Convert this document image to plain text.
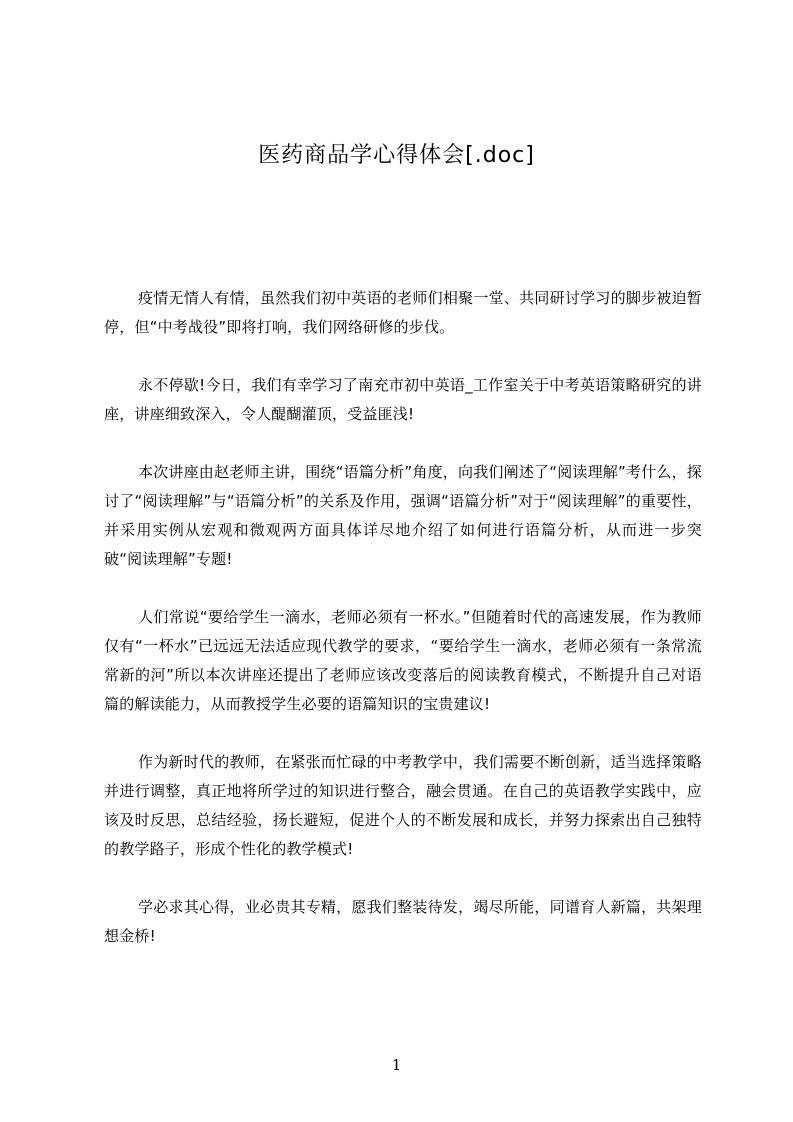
医药商品学心得体会[.doc]

疫情无情人有情，虽然我们初中英语的老师们相聚一堂、共同研讨学习的脚步被迫暂停，但“中考战役”即将打响，我们网络研修的步伐。

永不停歇!今日，我们有幸学习了南充市初中英语_工作室关于中考英语策略研究的讲座，讲座细致深入，令人醍醐灌顶，受益匪浅!

本次讲座由赵老师主讲，围绕“语篇分析”角度，向我们阐述了“阅读理解”考什么，探讨了“阅读理解”与“语篇分析”的关系及作用，强调“语篇分析”对于“阅读理解”的重要性，并采用实例从宏观和微观两方面具体详尽地介绍了如何进行语篇分析，从而进一步突破“阅读理解”专题!

人们常说“要给学生一滴水，老师必须有一杯水。”但随着时代的高速发展，作为教师仅有“一杯水”已远远无法适应现代教学的要求，“要给学生一滴水，老师必须有一条常流常新的河”所以本次讲座还提出了老师应该改变落后的阅读教育模式，不断提升自己对语篇的解读能力，从而教授学生必要的语篇知识的宝贵建议!

作为新时代的教师，在紧张而忙碌的中考教学中，我们需要不断创新，适当选择策略并进行调整，真正地将所学过的知识进行整合，融会贯通。在自己的英语教学实践中，应该及时反思，总结经验，扬长避短，促进个人的不断发展和成长，并努力探索出自己独特的教学路子，形成个性化的教学模式!

学必求其心得，业必贵其专精，愿我们整装待发，竭尽所能，同谱育人新篇，共架理想金桥!

1
